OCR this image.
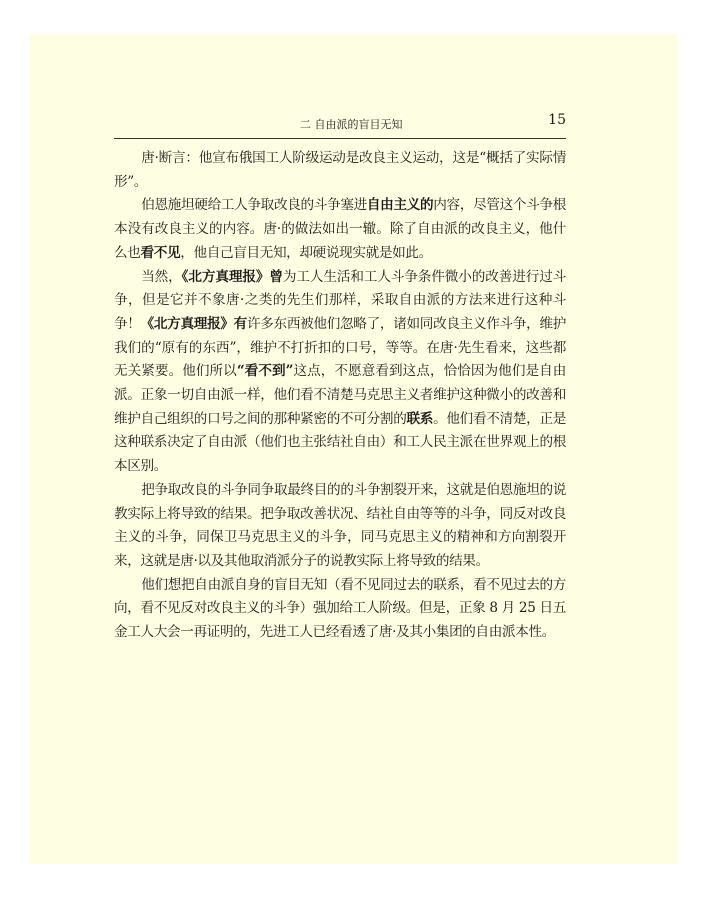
二 自由派的盲目无知	15

唐·断言：他宣布俄国工人阶级运动是改良主义运动，这是“概括了实际情形”。

伯恩施坦硬给工人争取改良的斗争塞进自由主义的内容，尽管这个斗争根本没有改良主义的内容。唐·的做法如出一辙。除了自由派的改良主义，他什么也看不见，他自己盲目无知，却硬说现实就是如此。

当然，《北方真理报》曾为工人生活和工人斗争条件微小的改善进行过斗争，但是它并不象唐·之类的先生们那样，采取自由派的方法来进行这种斗争！《北方真理报》有许多东西被他们忽略了，诸如同改良主义作斗争，维护我们的“原有的东西”，维护不打折扣的口号，等等。在唐·先生看来，这些都无关紧要。他们所以“看不到”这点，不愿意看到这点，恰恰因为他们是自由派。正象一切自由派一样，他们看不清楚马克思主义者维护这种微小的改善和维护自己组织的口号之间的那种紧密的不可分割的联系。他们看不清楚，正是这种联系决定了自由派（他们也主张结社自由）和工人民主派在世界观上的根本区别。

把争取改良的斗争同争取最终目的的斗争割裂开来，这就是伯恩施坦的说教实际上将导致的结果。把争取改善状况、结社自由等等的斗争，同反对改良主义的斗争，同保卫马克思主义的斗争，同马克思主义的精神和方向割裂开来，这就是唐·以及其他取消派分子的说教实际上将导致的结果。

他们想把自由派自身的盲目无知（看不见同过去的联系，看不见过去的方向，看不见反对改良主义的斗争）强加给工人阶级。但是，正象 8 月 25 日五金工人大会一再证明的，先进工人已经看透了唐·及其小集团的自由派本性。
